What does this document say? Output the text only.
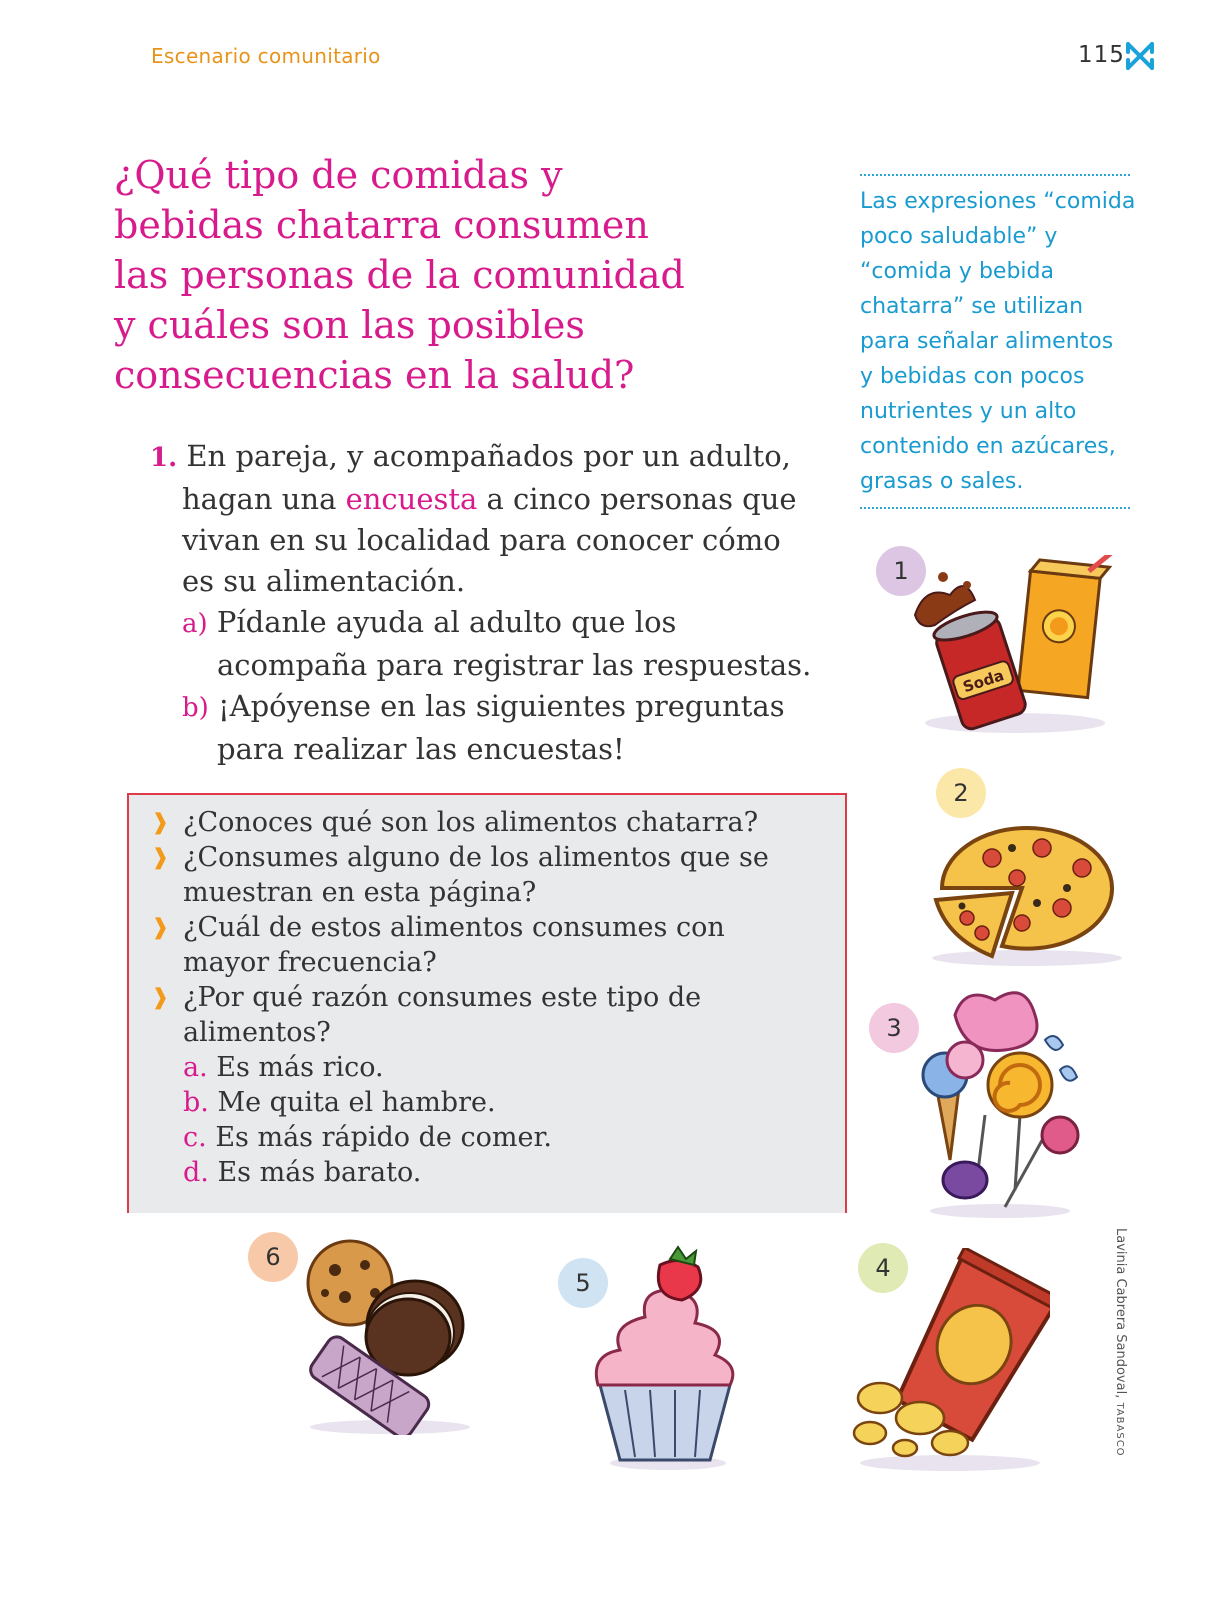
Escenario comunitario	115
¿Qué tipo de comidas y
bebidas chatarra consumen
las personas de la comunidad
y cuáles son las posibles
consecuencias en la salud?
Las expresiones “comida
poco saludable” y
“comida y bebida
chatarra” se utilizan
para señalar alimentos
y bebidas con pocos
nutrientes y un alto
contenido en azúcares,
grasas o sales.
1. En pareja, y acompañados por un adulto,
hagan una encuesta a cinco personas que
vivan en su localidad para conocer cómo
es su alimentación.
a) Pídanle ayuda al adulto que los
acompaña para registrar las respuestas.
b) ¡Apóyense en las siguientes preguntas
para realizar las encuestas!
❱ ¿Conoces qué son los alimentos chatarra?
❱ ¿Consumes alguno de los alimentos que se
muestran en esta página?
❱ ¿Cuál de estos alimentos consumes con
mayor frecuencia?
❱ ¿Por qué razón consumes este tipo de
alimentos?
a. Es más rico.
b. Me quita el hambre.
c. Es más rápido de comer.
d. Es más barato.
1
2
3
4
5
6
Soda
Lavinia Cabrera Sandoval, TABASCO
